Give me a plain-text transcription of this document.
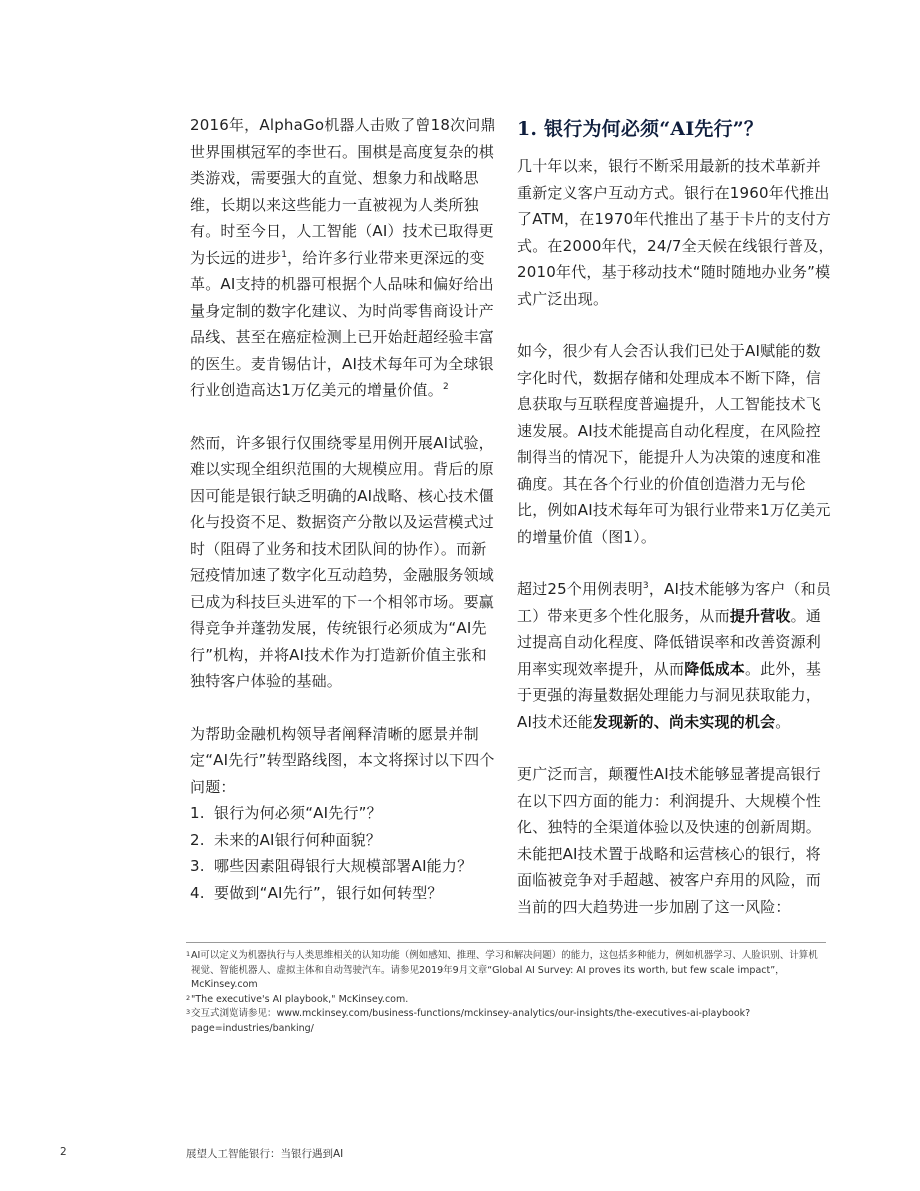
2016年，AlphaGo机器人击败了曾18次问鼎世界围棋冠军的李世石。围棋是高度复杂的棋类游戏，需要强大的直觉、想象力和战略思维，长期以来这些能力一直被视为人类所独有。时至今日，人工智能（AI）技术已取得更为长远的进步$^1$，给许多行业带来更深远的变革。AI支持的机器可根据个人品味和偏好给出量身定制的数字化建议、为时尚零售商设计产品线、甚至在癌症检测上已开始赶超经验丰富的医生。麦肯锡估计，AI技术每年可为全球银行业创造高达1万亿美元的增量价值。$^2$

然而，许多银行仅围绕零星用例开展AI试验，难以实现全组织范围的大规模应用。背后的原因可能是银行缺乏明确的AI战略、核心技术僵化与投资不足、数据资产分散以及运营模式过时（阻碍了业务和技术团队间的协作）。而新冠疫情加速了数字化互动趋势，金融服务领域已成为科技巨头进军的下一个相邻市场。要赢得竞争并蓬勃发展，传统银行必须成为“AI先行”机构，并将AI技术作为打造新价值主张和独特客户体验的基础。

为帮助金融机构领导者阐释清晰的愿景并制定“AI先行”转型路线图，本文将探讨以下四个问题：

1. 银行为何必须“AI先行”？
2. 未来的AI银行何种面貌？
3. 哪些因素阻碍银行大规模部署AI能力？
4. 要做到“AI先行”，银行如何转型？
1. 银行为何必须“AI先行”？

几十年以来，银行不断采用最新的技术革新并重新定义客户互动方式。银行在1960年代推出了ATM，在1970年代推出了基于卡片的支付方式。在2000年代，24/7全天候在线银行普及，2010年代，基于移动技术“随时随地办业务”模式广泛出现。

如今，很少有人会否认我们已处于AI赋能的数字化时代，数据存储和处理成本不断下降，信息获取与互联程度普遍提升，人工智能技术飞速发展。AI技术能提高自动化程度，在风险控制得当的情况下，能提升人为决策的速度和准确度。其在各个行业的价值创造潜力无与伦比，例如AI技术每年可为银行业带来1万亿美元的增量价值（图1）。

超过25个用例表明$^3$，AI技术能够为客户（和员工）带来更多个性化服务，从而提升营收。通过提高自动化程度、降低错误率和改善资源利用率实现效率提升，从而降低成本。此外，基于更强的海量数据处理能力与洞见获取能力，AI技术还能发现新的、尚未实现的机会。

更广泛而言，颠覆性AI技术能够显著提高银行在以下四方面的能力：利润提升、大规模个性化、独特的全渠道体验以及快速的创新周期。未能把AI技术置于战略和运营核心的银行，将面临被竞争对手超越、被客户弃用的风险，而当前的四大趋势进一步加剧了这一风险：

1 AI可以定义为机器执行与人类思维相关的认知功能（例如感知、推理、学习和解决问题）的能力，这包括多种能力，例如机器学习、人脸识别、计算机视觉、智能机器人、虚拟主体和自动驾驶汽车。请参见2019年9月文章“Global AI Survey: AI proves its worth, but few scale impact”，McKinsey.com
2 "The executive's AI playbook," McKinsey.com.
3 交互式浏览请参见：www.mckinsey.com/business-functions/mckinsey-analytics/our-insights/the-executives-ai-playbook?page=industries/banking/
2	展望人工智能银行：当银行遇到AI
